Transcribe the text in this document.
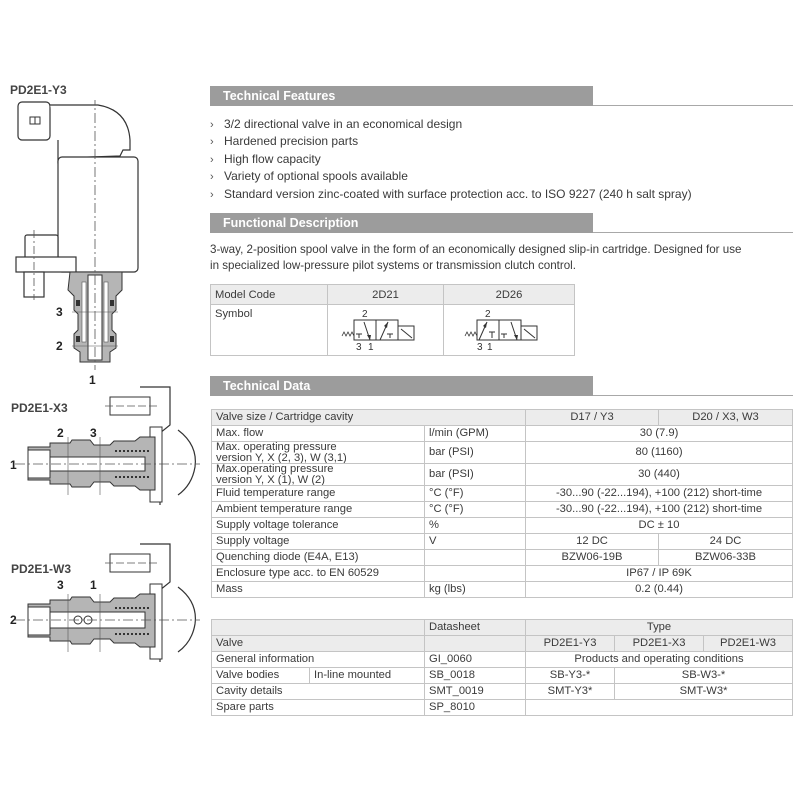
PD2E1-Y3
3
2
1
PD2E1-X3
1
2 3
PD2E1-W3
2
3 1
Technical Features
› 3/2 directional valve in an economical design
› Hardened precision parts
› High flow capacity
› Variety of optional spools available
› Standard version zinc-coated with surface protection acc. to ISO 9227 (240 h salt spray)
Functional Description
3-way, 2-position spool valve in the form of an economically designed slip-in cartridge. Designed for use
in specialized low-pressure pilot systems or transmission clutch control.
Model Code	2D21	2D26
Symbol	2
3 1	2
3 1
Technical Data
Valve size / Cartridge cavity		D17 / Y3	D20 / X3, W3
Max. flow	l/min (GPM)	30 (7.9)	

Max. operating pressure
version Y, X (2, 3), W (3,1)	bar (PSI)	80 (1160)	

Max.operating pressure
version Y, X (1), W (2)	bar (PSI)	30 (440)	
Fluid temperature range	°C (°F)	-30...90 (-22...194), +100 (212) short-time	
Ambient temperature range	°C (°F)	-30...90 (-22...194), +100 (212) short-time	
Supply voltage tolerance	%	DC ± 10	
Supply voltage	V	12 DC	24 DC
Quenching diode (E4A, E13)		BZW06-19B	BZW06-33B
Enclosure type acc. to EN 60529		IP67 / IP 69K	
Mass	kg (lbs)	0.2 (0.44)	
		Datasheet	Type		
Valve			PD2E1-Y3	PD2E1-X3	PD2E1-W3
General information		GI_0060	Products and operating conditions		
Valve bodies	In-line mounted	SB_0018	SB-Y3-*	SB-W3-*	
Cavity details		SMT_0019	SMT-Y3*	SMT-W3*	
Spare parts		SP_8010			
